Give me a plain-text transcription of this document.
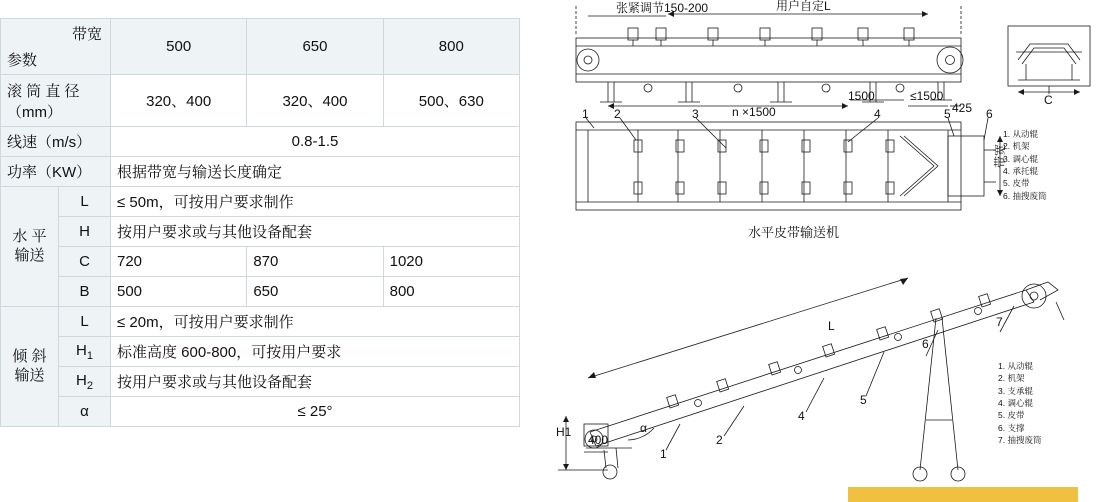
带宽
参数		500	650	800

滚 筒 直 径
（mm）		320、400	320、400	500、630
线速（m/s）		0.8-1.5		
功率（KW）		根据带宽与输送长度确定		

水 平
输送	L	≤ 50m，可按用户要求制作		
	H	按用户要求或与其他设备配套		
	C	720	870	1020
	B	500	650	800

倾 斜
输送	L	≤ 20m，可按用户要求制作		
	$H_1$	标准高度 600-800，可按用户要求		
	$H_2$	按用户要求或与其他设备配套		
	α	≤ 25°		
张紧调节150-200	用户自定L
n ×1500
1500	≤1500
425
C
带宽
1 2	3	4	5	6
L
H1
400
α
1
2
4
5
6
7
水平皮带输送机
1. 从动辊
2. 机架
3. 调心辊
4. 承托辊
5. 皮带
6. 抽搜废筒
1. 从动辊
2. 机架
3. 支承辊
4. 调心辊
5. 皮带
6. 支撑
7. 抽搜废筒
